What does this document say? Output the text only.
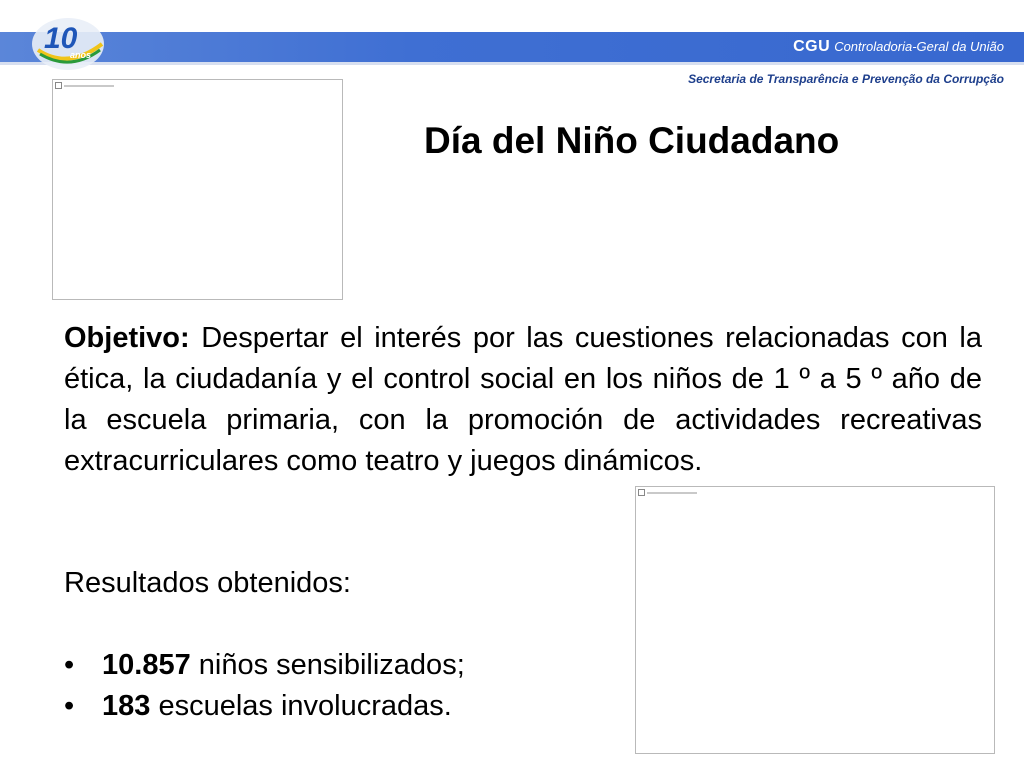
10
anos	CGU Controladoria-Geral da União
Secretaria de Transparência e Prevenção da Corrupção
Día del Niño Ciudadano
Objetivo: Despertar el interés por las cuestiones relacionadas con la ética, la ciudadanía y el control social en los niños de 1 º a 5 º año de la escuela primaria, con la promoción de actividades recreativas extracurriculares como teatro y juegos dinámicos.
Resultados obtenidos:
• 10.857 niños sensibilizados;
• 183 escuelas involucradas.
